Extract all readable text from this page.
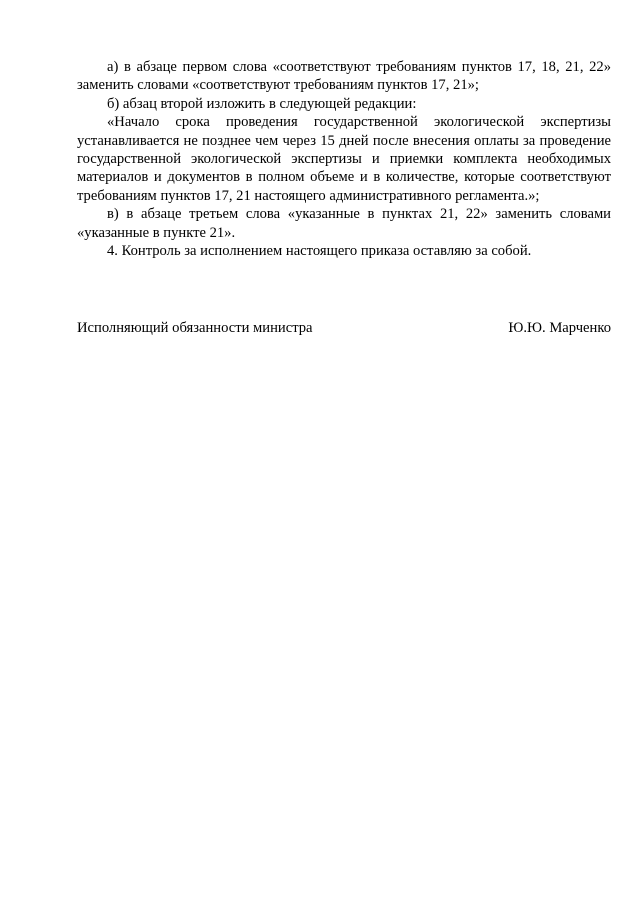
а) в абзаце первом слова «соответствуют требованиям пунктов 17, 18, 21, 22» заменить словами «соответствуют требованиям пунктов 17, 21»;

б) абзац второй изложить в следующей редакции:

«Начало срока проведения государственной экологической экспертизы устанавливается не позднее чем через 15 дней после внесения оплаты за проведение государственной экологической экспертизы и приемки комплекта необходимых материалов и документов в полном объеме и в количестве, которые соответствуют требованиям пунктов 17, 21 настоящего административного регламента.»;

в) в абзаце третьем слова «указанные в пунктах 21, 22» заменить словами «указанные в пункте 21».

4. Контроль за исполнением настоящего приказа оставляю за собой.

Исполняющий обязанности министра	Ю.Ю. Марченко
